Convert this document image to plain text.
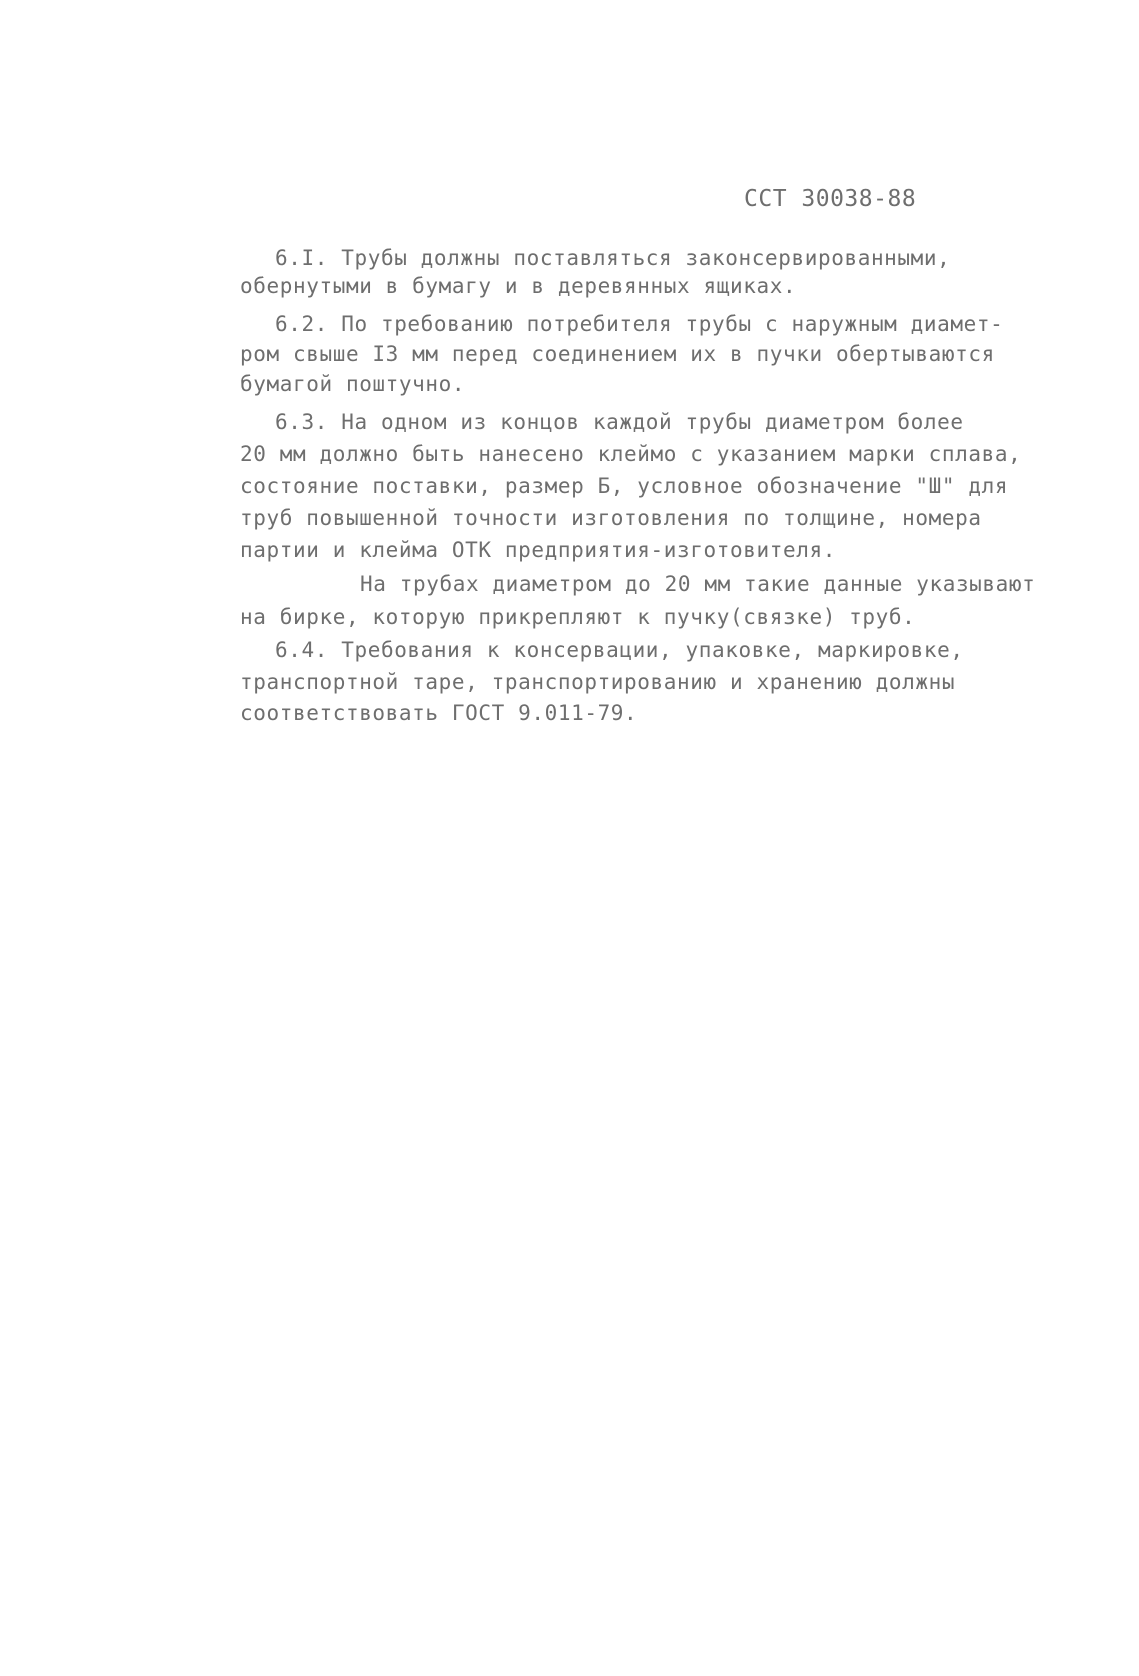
ССТ 30038-88
6.I. Трубы должны поставляться законсервированными,
обернутыми в бумагу и в деревянных ящиках.
6.2. По требованию потребителя трубы с наружным диамет-
ром свыше I3 мм перед соединением их в пучки обертываются
бумагой поштучно.
6.3. На одном из концов каждой трубы диаметром более
20 мм должно быть нанесено клеймо с указанием марки сплава,
состояние поставки, размер Б, условное обозначение "Ш" для
труб повышенной точности изготовления по толщине, номера
партии и клейма ОТК предприятия-изготовителя.
На трубах диаметром до 20 мм такие данные указывают
на бирке, которую прикрепляют к пучку(связке) труб.
6.4. Требования к консервации, упаковке, маркировке,
транспортной таре, транспортированию и хранению должны
соответствовать ГОСТ 9.011-79.
